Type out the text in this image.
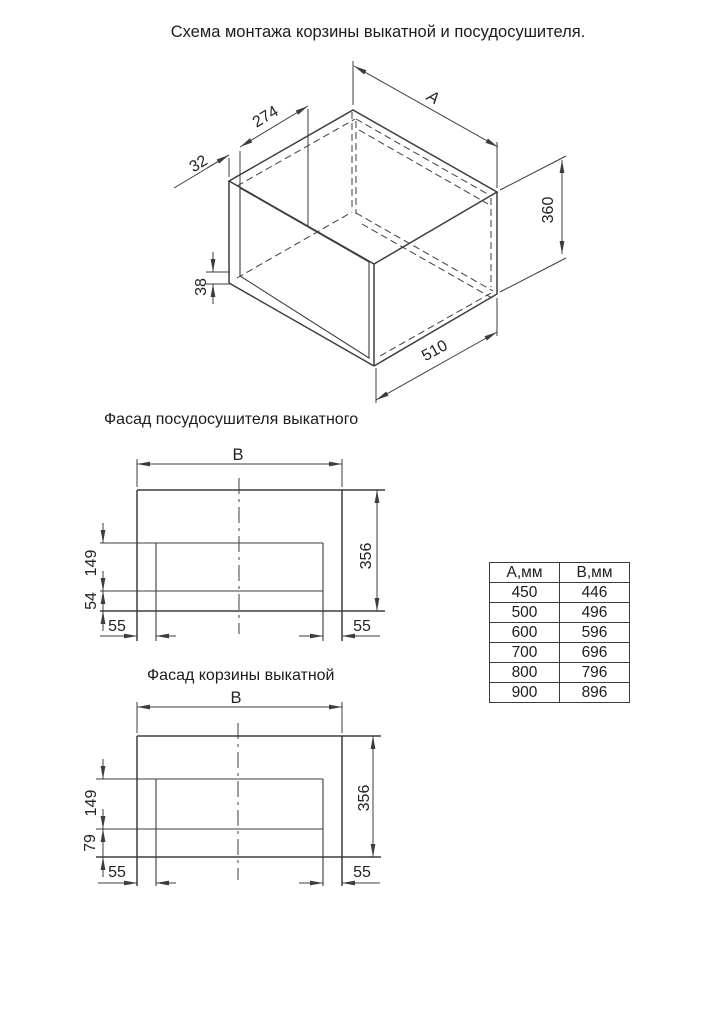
Схема монтажа корзины выкатной и посудосушителя.
A
274
32
360
38
510
Фасад посудосушителя выкатного
B
356
149
54
55	55
Фасад корзины выкатной
B
356
149
79
55	55
А,мм	В,мм
450	446
500	496
600	596
700	696
800	796
900	896
